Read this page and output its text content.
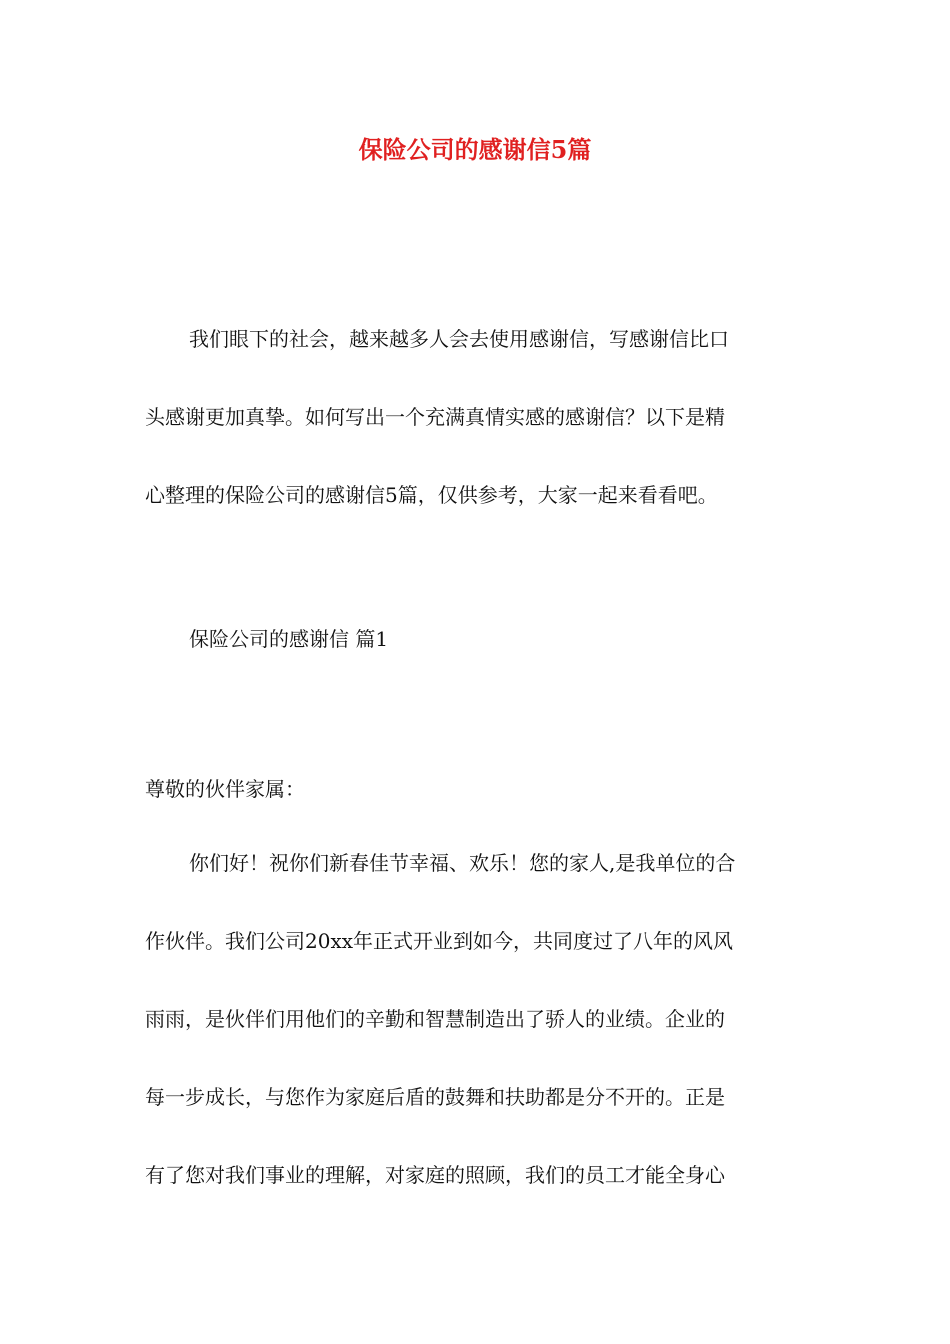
保险公司的感谢信5篇
我们眼下的社会，越来越多人会去使用感谢信，写感谢信比口
头感谢更加真挚。如何写出一个充满真情实感的感谢信？以下是精
心整理的保险公司的感谢信5篇，仅供参考，大家一起来看看吧。
保险公司的感谢信 篇1
尊敬的伙伴家属：
你们好！祝你们新春佳节幸福、欢乐！您的家人,是我单位的合
作伙伴。我们公司20xx年正式开业到如今，共同度过了八年的风风
雨雨，是伙伴们用他们的辛勤和智慧制造出了骄人的业绩。企业的
每一步成长，与您作为家庭后盾的鼓舞和扶助都是分不开的。正是
有了您对我们事业的理解，对家庭的照顾，我们的员工才能全身心
